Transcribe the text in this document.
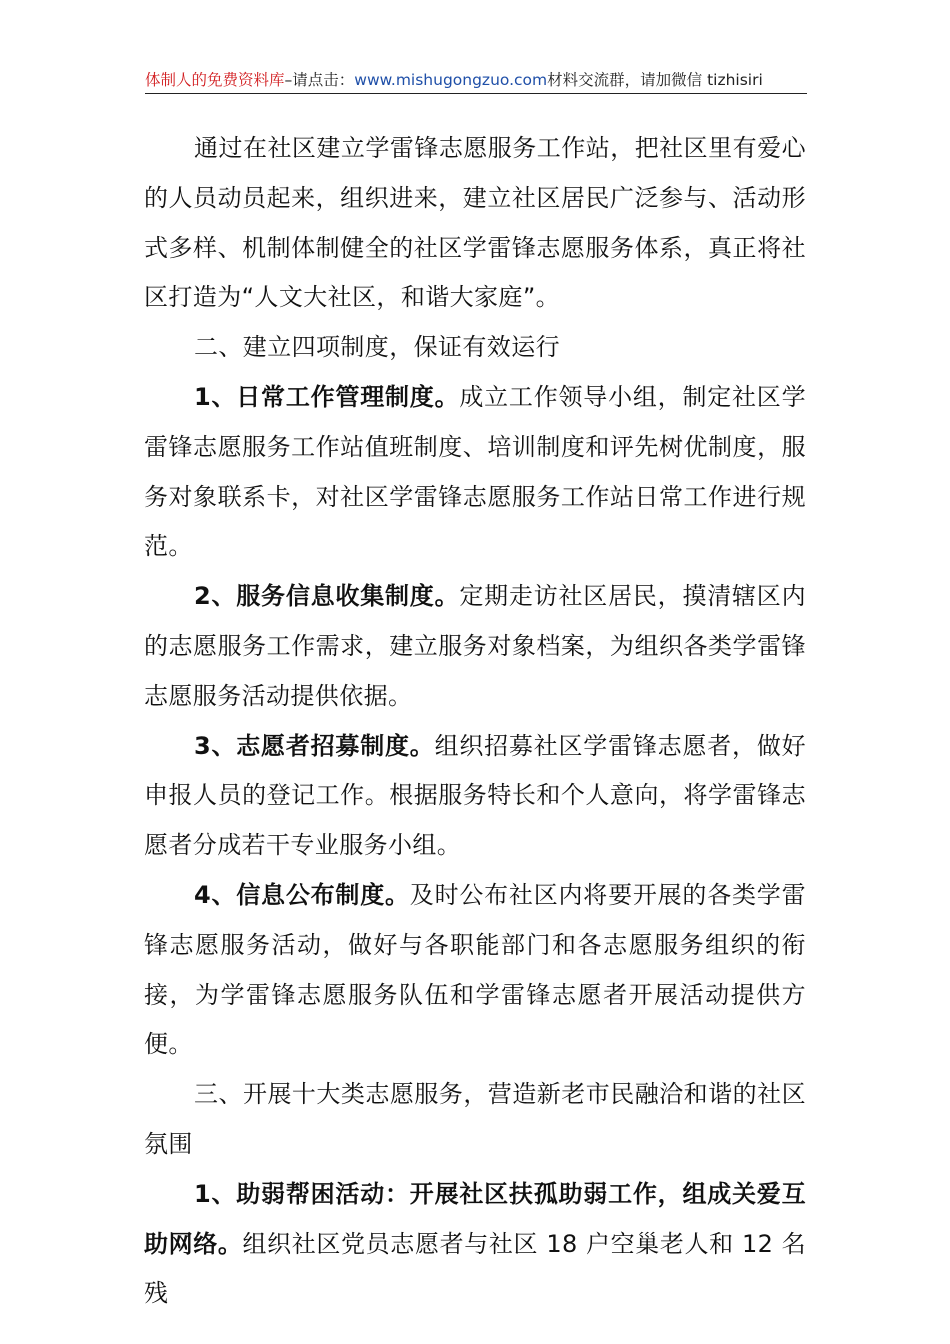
体制人的免费资料库–请点击：www.mishugongzuo.com材料交流群，请加微信 tizhisiri

通过在社区建立学雷锋志愿服务工作站，把社区里有爱心的人员动员起来，组织进来，建立社区居民广泛参与、活动形式多样、机制体制健全的社区学雷锋志愿服务体系，真正将社区打造为“人文大社区，和谐大家庭”。

二、建立四项制度，保证有效运行

1、日常工作管理制度。成立工作领导小组，制定社区学雷锋志愿服务工作站值班制度、培训制度和评先树优制度，服务对象联系卡，对社区学雷锋志愿服务工作站日常工作进行规范。

2、服务信息收集制度。定期走访社区居民，摸清辖区内的志愿服务工作需求，建立服务对象档案，为组织各类学雷锋志愿服务活动提供依据。

3、志愿者招募制度。组织招募社区学雷锋志愿者，做好申报人员的登记工作。根据服务特长和个人意向，将学雷锋志愿者分成若干专业服务小组。

4、信息公布制度。及时公布社区内将要开展的各类学雷锋志愿服务活动，做好与各职能部门和各志愿服务组织的衔接，为学雷锋志愿服务队伍和学雷锋志愿者开展活动提供方便。

三、开展十大类志愿服务，营造新老市民融洽和谐的社区氛围

1、助弱帮困活动：开展社区扶孤助弱工作，组成关爱互助网络。组织社区党员志愿者与社区 18 户空巢老人和 12 名残
